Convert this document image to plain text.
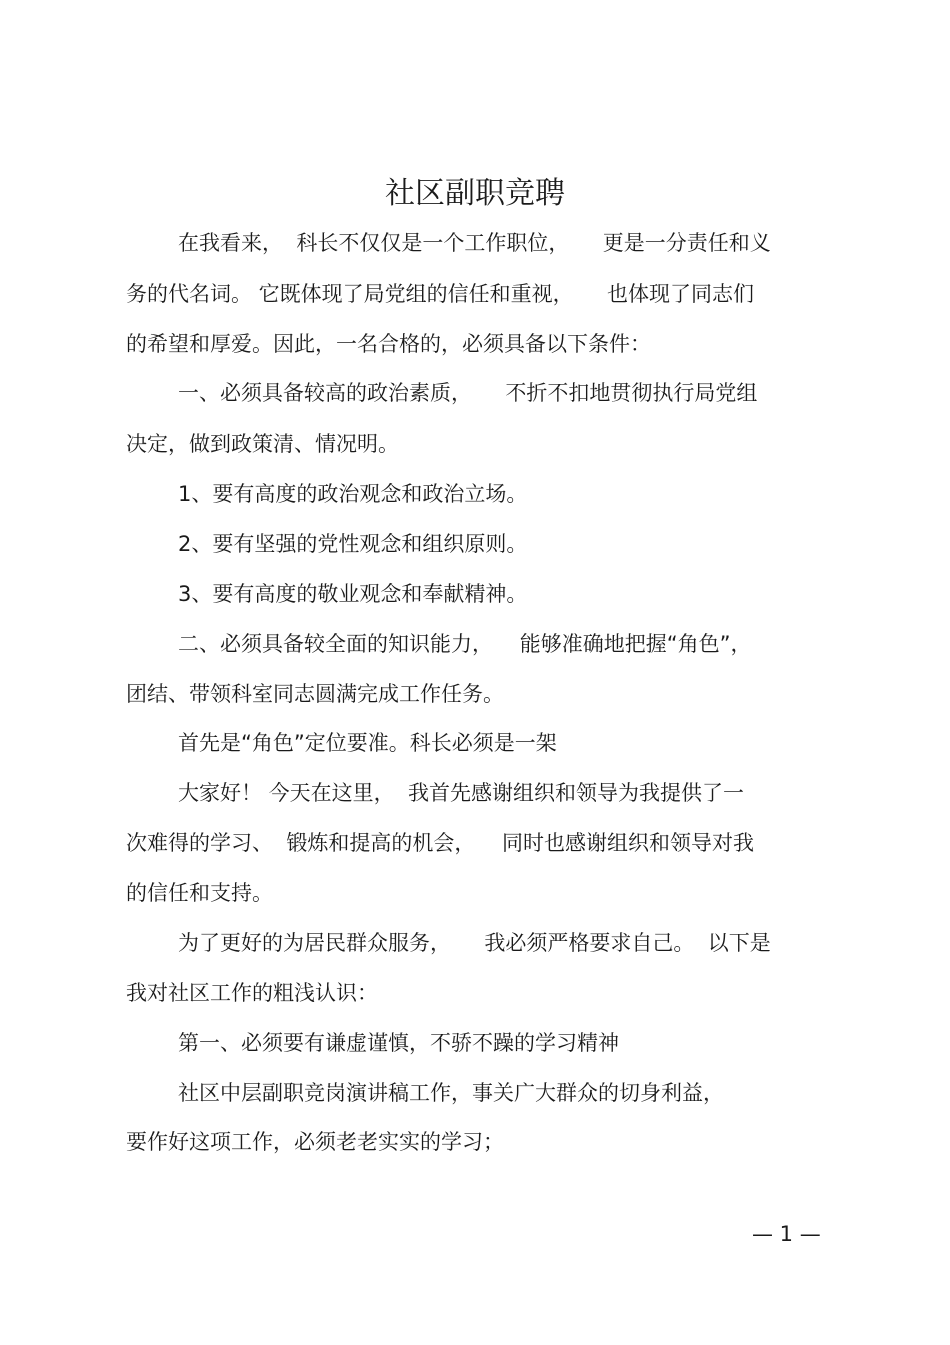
社区副职竞聘
在我看来，  科长不仅仅是一个工作职位，     更是一分责任和义
务的代名词。 它既体现了局党组的信任和重视，     也体现了同志们
的希望和厚爱。因此，一名合格的，必须具备以下条件：
一、必须具备较高的政治素质，     不折不扣地贯彻执行局党组
决定，做到政策清、情况明。
1、要有高度的政治观念和政治立场。
2、要有坚强的党性观念和组织原则。
3、要有高度的敬业观念和奉献精神。
二、必须具备较全面的知识能力，    能够准确地把握“角色”，
团结、带领科室同志圆满完成工作任务。
首先是“角色”定位要准。科长必须是一架
大家好！ 今天在这里，  我首先感谢组织和领导为我提供了一
次难得的学习、  锻炼和提高的机会，    同时也感谢组织和领导对我
的信任和支持。
为了更好的为居民群众服务，     我必须严格要求自己。  以下是
我对社区工作的粗浅认识：
第一、必须要有谦虚谨慎，不骄不躁的学习精神
社区中层副职竞岗演讲稿工作，事关广大群众的切身利益，
要作好这项工作，必须老老实实的学习；
— 1 —
